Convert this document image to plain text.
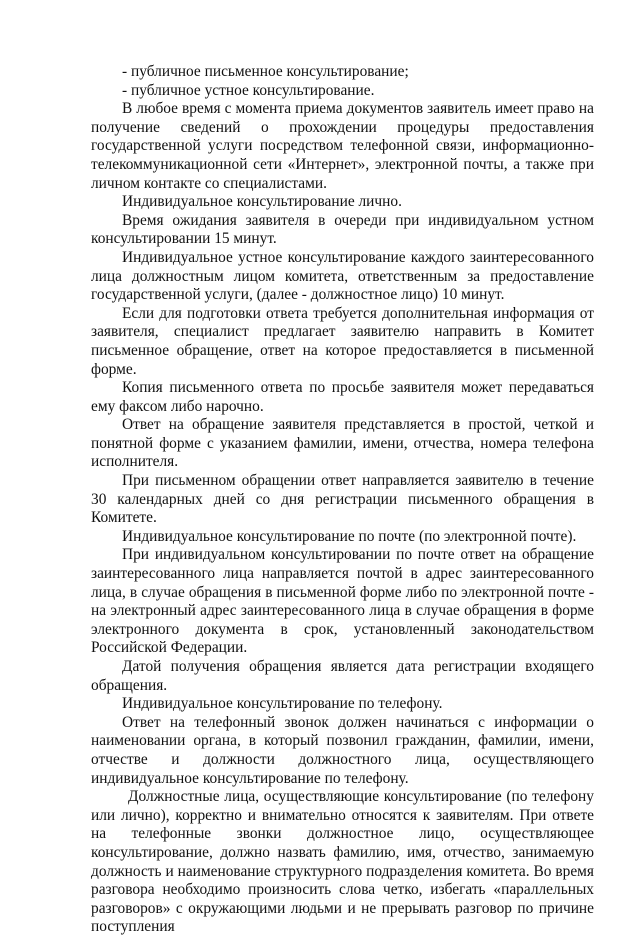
- публичное письменное консультирование;

- публичное устное консультирование.

В любое время с момента приема документов заявитель имеет право на получение сведений о прохождении процедуры предоставления государственной услуги посредством телефонной связи, информационно-телекоммуникационной сети «Интернет», электронной почты, а также при личном контакте со специалистами.

Индивидуальное консультирование лично.

Время ожидания заявителя в очереди при индивидуальном устном консультировании 15 минут.

Индивидуальное устное консультирование каждого заинтересованного лица должностным лицом комитета, ответственным за предоставление государственной услуги, (далее - должностное лицо) 10 минут.

Если для подготовки ответа требуется дополнительная информация от заявителя, специалист предлагает заявителю направить в Комитет письменное обращение, ответ на которое предоставляется в письменной форме.

Копия письменного ответа по просьбе заявителя может передаваться ему факсом либо нарочно.

Ответ на обращение заявителя представляется в простой, четкой и понятной форме с указанием фамилии, имени, отчества, номера телефона исполнителя.

При письменном обращении ответ направляется заявителю в течение 30 календарных дней со дня регистрации письменного обращения в Комитете.

Индивидуальное консультирование по почте (по электронной почте).

При индивидуальном консультировании по почте ответ на обращение заинтересованного лица направляется почтой в адрес заинтересованного лица, в случае обращения в письменной форме либо по электронной почте - на электронный адрес заинтересованного лица в случае обращения в форме электронного документа в срок, установленный законодательством Российской Федерации.

Датой получения обращения является дата регистрации входящего обращения.

Индивидуальное консультирование по телефону.

Ответ на телефонный звонок должен начинаться с информации о наименовании органа, в который позвонил гражданин, фамилии, имени, отчестве и должности должностного лица, осуществляющего индивидуальное консультирование по телефону.

Должностные лица, осуществляющие консультирование (по телефону или лично), корректно и внимательно относятся к заявителям. При ответе на телефонные звонки должностное лицо, осуществляющее консультирование, должно назвать фамилию, имя, отчество, занимаемую должность и наименование структурного подразделения комитета. Во время разговора необходимо произносить слова четко, избегать «параллельных разговоров» с окружающими людьми и не прерывать разговор по причине поступления
